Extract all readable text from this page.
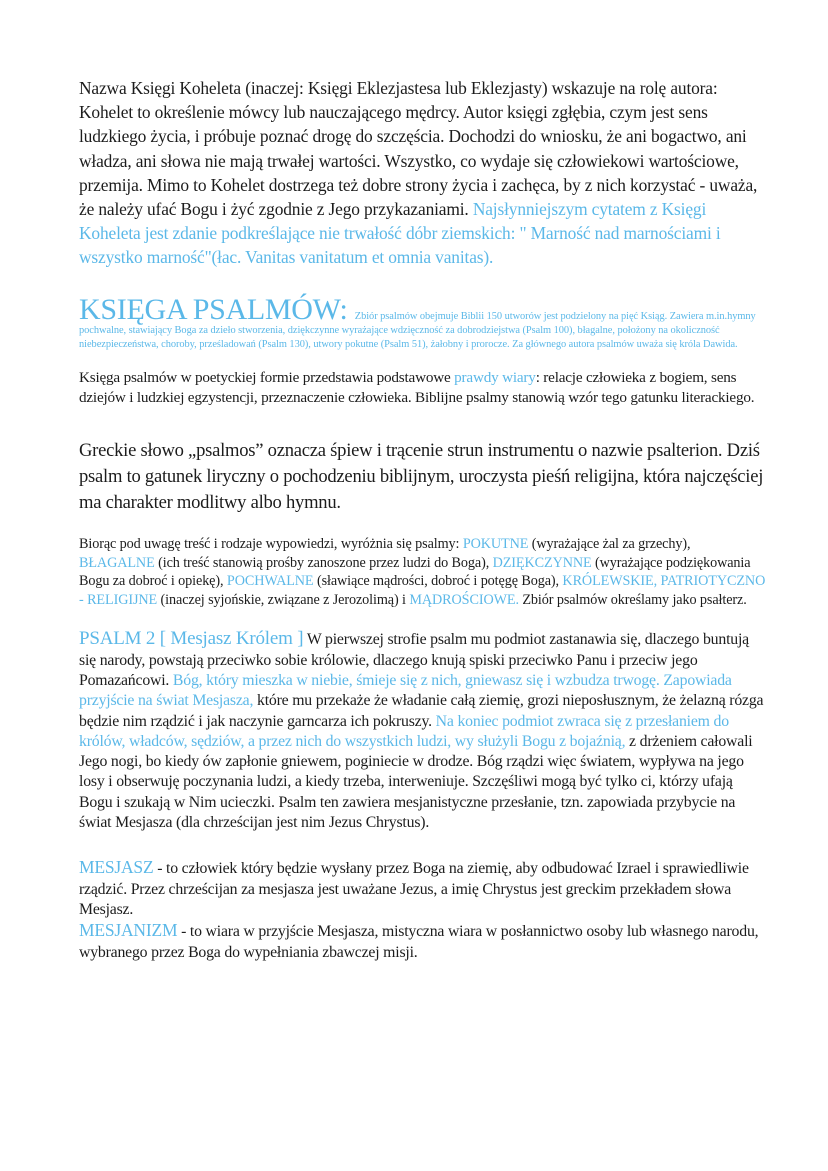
Nazwa Księgi Koheleta (inaczej: Księgi Eklezjastesa lub Eklezjasty) wskazuje na rolę autora: Kohelet to określenie mówcy lub nauczającego mędrcy. Autor księgi zgłębia, czym jest sens ludzkiego życia, i próbuje poznać drogę do szczęścia. Dochodzi do wniosku, że ani bogactwo, ani władza, ani słowa nie mają trwałej wartości. Wszystko, co wydaje się człowiekowi wartościowe, przemija. Mimo to Kohelet dostrzega też dobre strony życia i zachęca, by z nich korzystać - uważa, że należy ufać Bogu i żyć zgodnie z Jego przykazaniami. Najsłynniejszym cytatem z Księgi Koheleta jest zdanie podkreślające nie trwałość dóbr ziemskich: " Marność nad marnościami i wszystko marność"(łac. Vanitas vanitatum et omnia vanitas).

KSIĘGA PSALMÓW: Zbiór psalmów obejmuje Biblii 150 utworów jest podzielony na pięć Ksiąg. Zawiera m.in.hymny pochwalne, stawiający Boga za dzieło stworzenia, dziękczynne wyrażające wdzięczność za dobrodziejstwa (Psalm 100), błagalne, położony na okoliczność niebezpieczeństwa, choroby, prześladowań (Psalm 130), utwory pokutne (Psalm 51), żałobny i prorocze. Za głównego autora psalmów uważa się króla Dawida.

Księga psalmów w poetyckiej formie przedstawia podstawowe prawdy wiary: relacje człowieka z bogiem, sens dziejów i ludzkiej egzystencji, przeznaczenie człowieka. Biblijne psalmy stanowią wzór tego gatunku literackiego.

Greckie słowo „psalmos” oznacza śpiew i trącenie strun instrumentu o nazwie psalterion. Dziś psalm to gatunek liryczny o pochodzeniu biblijnym, uroczysta pieśń religijna, która najczęściej ma charakter modlitwy albo hymnu.

Biorąc pod uwagę treść i rodzaje wypowiedzi, wyróżnia się psalmy: POKUTNE (wyrażające żal za grzechy), BŁAGALNE (ich treść stanowią prośby zanoszone przez ludzi do Boga), DZIĘKCZYNNE (wyrażające podziękowania Bogu za dobroć i opiekę), POCHWALNE (sławiące mądrości, dobroć i potęgę Boga), KRÓLEWSKIE, PATRIOTYCZNO - RELIGIJNE (inaczej syjońskie, związane z Jerozolimą) i MĄDROŚCIOWE. Zbiór psalmów określamy jako psałterz.

PSALM 2 [ Mesjasz Królem ] W pierwszej strofie psalm mu podmiot zastanawia się, dlaczego buntują się narody, powstają przeciwko sobie królowie, dlaczego knują spiski przeciwko Panu i przeciw jego Pomazańcowi. Bóg, który mieszka w niebie, śmieje się z nich, gniewasz się i wzbudza trwogę. Zapowiada przyjście na świat Mesjasza, które mu przekaże że władanie całą ziemię, grozi nieposłusznym, że żelazną rózga będzie nim rządzić i jak naczynie garncarza ich pokruszy. Na koniec podmiot zwraca się z przesłaniem do królów, władców, sędziów, a przez nich do wszystkich ludzi, wy służyli Bogu z bojaźnią, z drżeniem całowali Jego nogi, bo kiedy ów zapłonie gniewem, poginiecie w drodze. Bóg rządzi więc światem, wypływa na jego losy i obserwuję poczynania ludzi, a kiedy trzeba, interweniuje. Szczęśliwi mogą być tylko ci, którzy ufają Bogu i szukają w Nim ucieczki. Psalm ten zawiera mesjanistyczne przesłanie, tzn. zapowiada przybycie na świat Mesjasza (dla chrześcijan jest nim Jezus Chrystus).

MESJASZ - to człowiek który będzie wysłany przez Boga na ziemię, aby odbudować Izrael i sprawiedliwie rządzić. Przez chrześcijan za mesjasza jest uważane Jezus, a imię Chrystus jest greckim przekładem słowa Mesjasz.

MESJANIZM - to wiara w przyjście Mesjasza, mistyczna wiara w posłannictwo osoby lub własnego narodu, wybranego przez Boga do wypełniania zbawczej misji.
